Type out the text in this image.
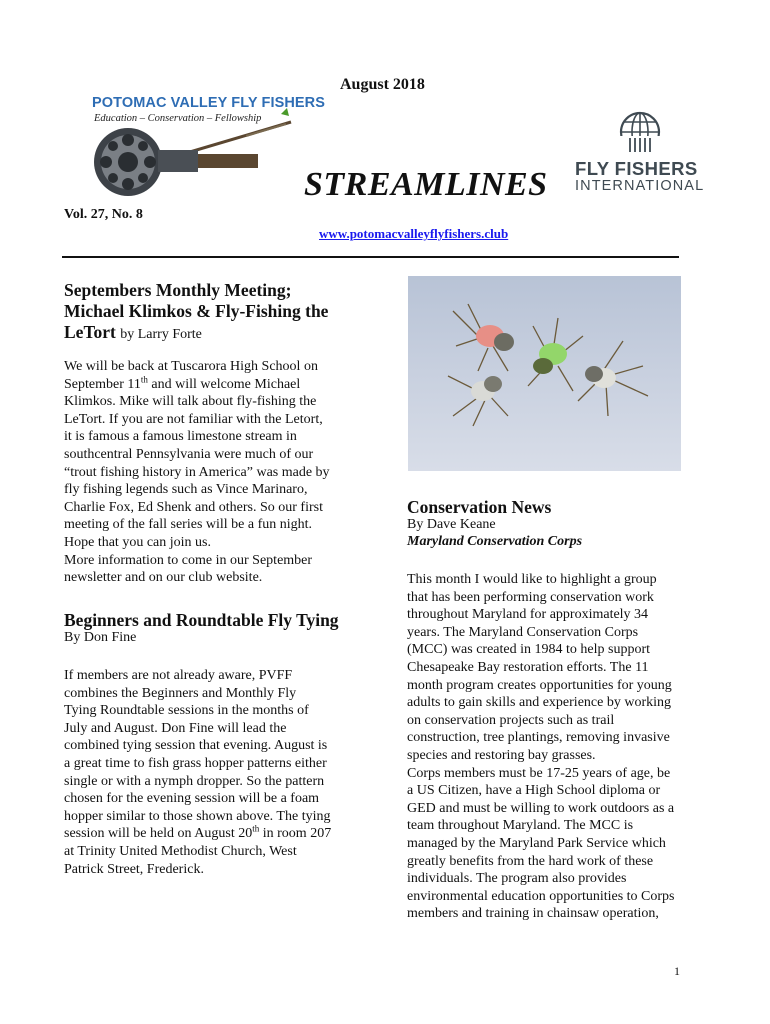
August 2018
POTOMAC VALLEY FLY FISHERS
Education – Conservation – Fellowship
STREAMLINES FLY FISHERS
INTERNATIONAL
Vol. 27, No. 8
www.potomacvalleyflyfishers.club
Septembers Monthly Meeting;
Michael Klimkos & Fly-Fishing the
LeTort by Larry Forte
We will be back at Tuscarora High School on
September 11th and will welcome Michael
Klimkos. Mike will talk about fly-fishing the
LeTort. If you are not familiar with the Letort,
it is famous a famous limestone stream in
southcentral Pennsylvania were much of our
“trout fishing history in America” was made by
fly fishing legends such as Vince Marinaro,
Charlie Fox, Ed Shenk and others. So our first
meeting of the fall series will be a fun night.
Hope that you can join us.
More information to come in our September
newsletter and on our club website.
Beginners and Roundtable Fly Tying
By Don Fine
If members are not already aware, PVFF
combines the Beginners and Monthly Fly
Tying Roundtable sessions in the months of
July and August. Don Fine will lead the
combined tying session that evening. August is
a great time to fish grass hopper patterns either
single or with a nymph dropper. So the pattern
chosen for the evening session will be a foam
hopper similar to those shown above. The tying
session will be held on August 20th in room 207
at Trinity United Methodist Church, West
Patrick Street, Frederick.
Conservation News
By Dave Keane
Maryland Conservation Corps
This month I would like to highlight a group
that has been performing conservation work
throughout Maryland for approximately 34
years. The Maryland Conservation Corps
(MCC) was created in 1984 to help support
Chesapeake Bay restoration efforts. The 11
month program creates opportunities for young
adults to gain skills and experience by working
on conservation projects such as trail
construction, tree plantings, removing invasive
species and restoring bay grasses.
Corps members must be 17-25 years of age, be
a US Citizen, have a High School diploma or
GED and must be willing to work outdoors as a
team throughout Maryland. The MCC is
managed by the Maryland Park Service which
greatly benefits from the hard work of these
individuals. The program also provides
environmental education opportunities to Corps
members and training in chainsaw operation,
1
